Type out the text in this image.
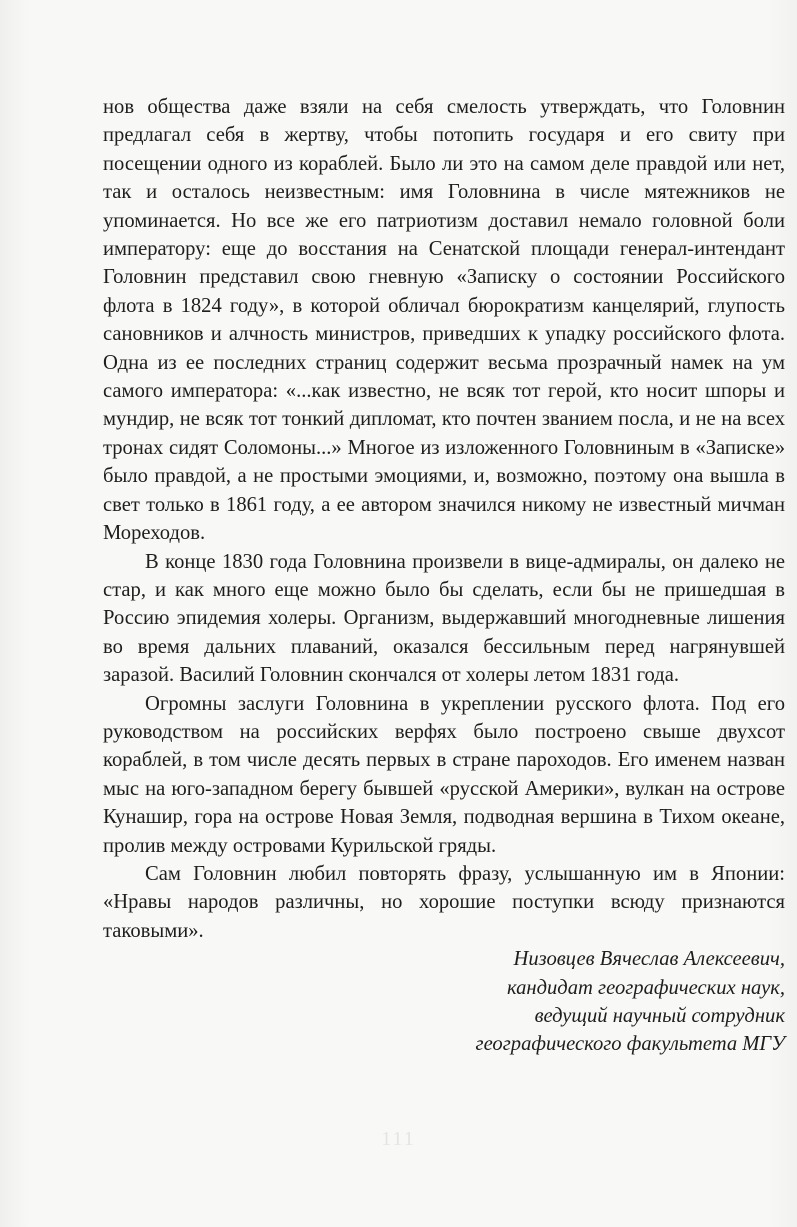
нов общества даже взяли на себя смелость утверждать, что Головнин предлагал себя в жертву, чтобы потопить государя и его свиту при посещении одного из кораблей. Было ли это на самом деле правдой или нет, так и осталось неизвестным: имя Головнина в числе мятежников не упоминается. Но все же его патриотизм доставил немало головной боли императору: еще до восстания на Сенатской площади генерал-интендант Головнин представил свою гневную «Записку о состоянии Российского флота в 1824 году», в которой обличал бюрократизм канцелярий, глупость сановников и алчность министров, приведших к упадку российского флота. Одна из ее последних страниц содержит весьма прозрачный намек на ум самого императора: «...как известно, не всяк тот герой, кто носит шпоры и мундир, не всяк тот тонкий дипломат, кто почтен званием посла, и не на всех тронах сидят Соломоны...» Многое из изложенного Головниным в «Записке» было правдой, а не простыми эмоциями, и, возможно, поэтому она вышла в свет только в 1861 году, а ее автором значился никому не известный мичман Мореходов.

В конце 1830 года Головнина произвели в вице-адмиралы, он далеко не стар, и как много еще можно было бы сделать, если бы не пришедшая в Россию эпидемия холеры. Организм, выдержавший многодневные лишения во время дальних плаваний, оказался бессильным перед нагрянувшей заразой. Василий Головнин скончался от холеры летом 1831 года.

Огромны заслуги Головнина в укреплении русского флота. Под его руководством на российских верфях было построено свыше двухсот кораблей, в том числе десять первых в стране пароходов. Его именем назван мыс на юго-западном берегу бывшей «русской Америки», вулкан на острове Кунашир, гора на острове Новая Земля, подводная вершина в Тихом океане, пролив между островами Курильской гряды.

Сам Головнин любил повторять фразу, услышанную им в Японии: «Нравы народов различны, но хорошие поступки всюду признаются таковыми».

Низовцев Вячеслав Алексеевич,
кандидат географических наук,
ведущий научный сотрудник
географического факультета МГУ
111
